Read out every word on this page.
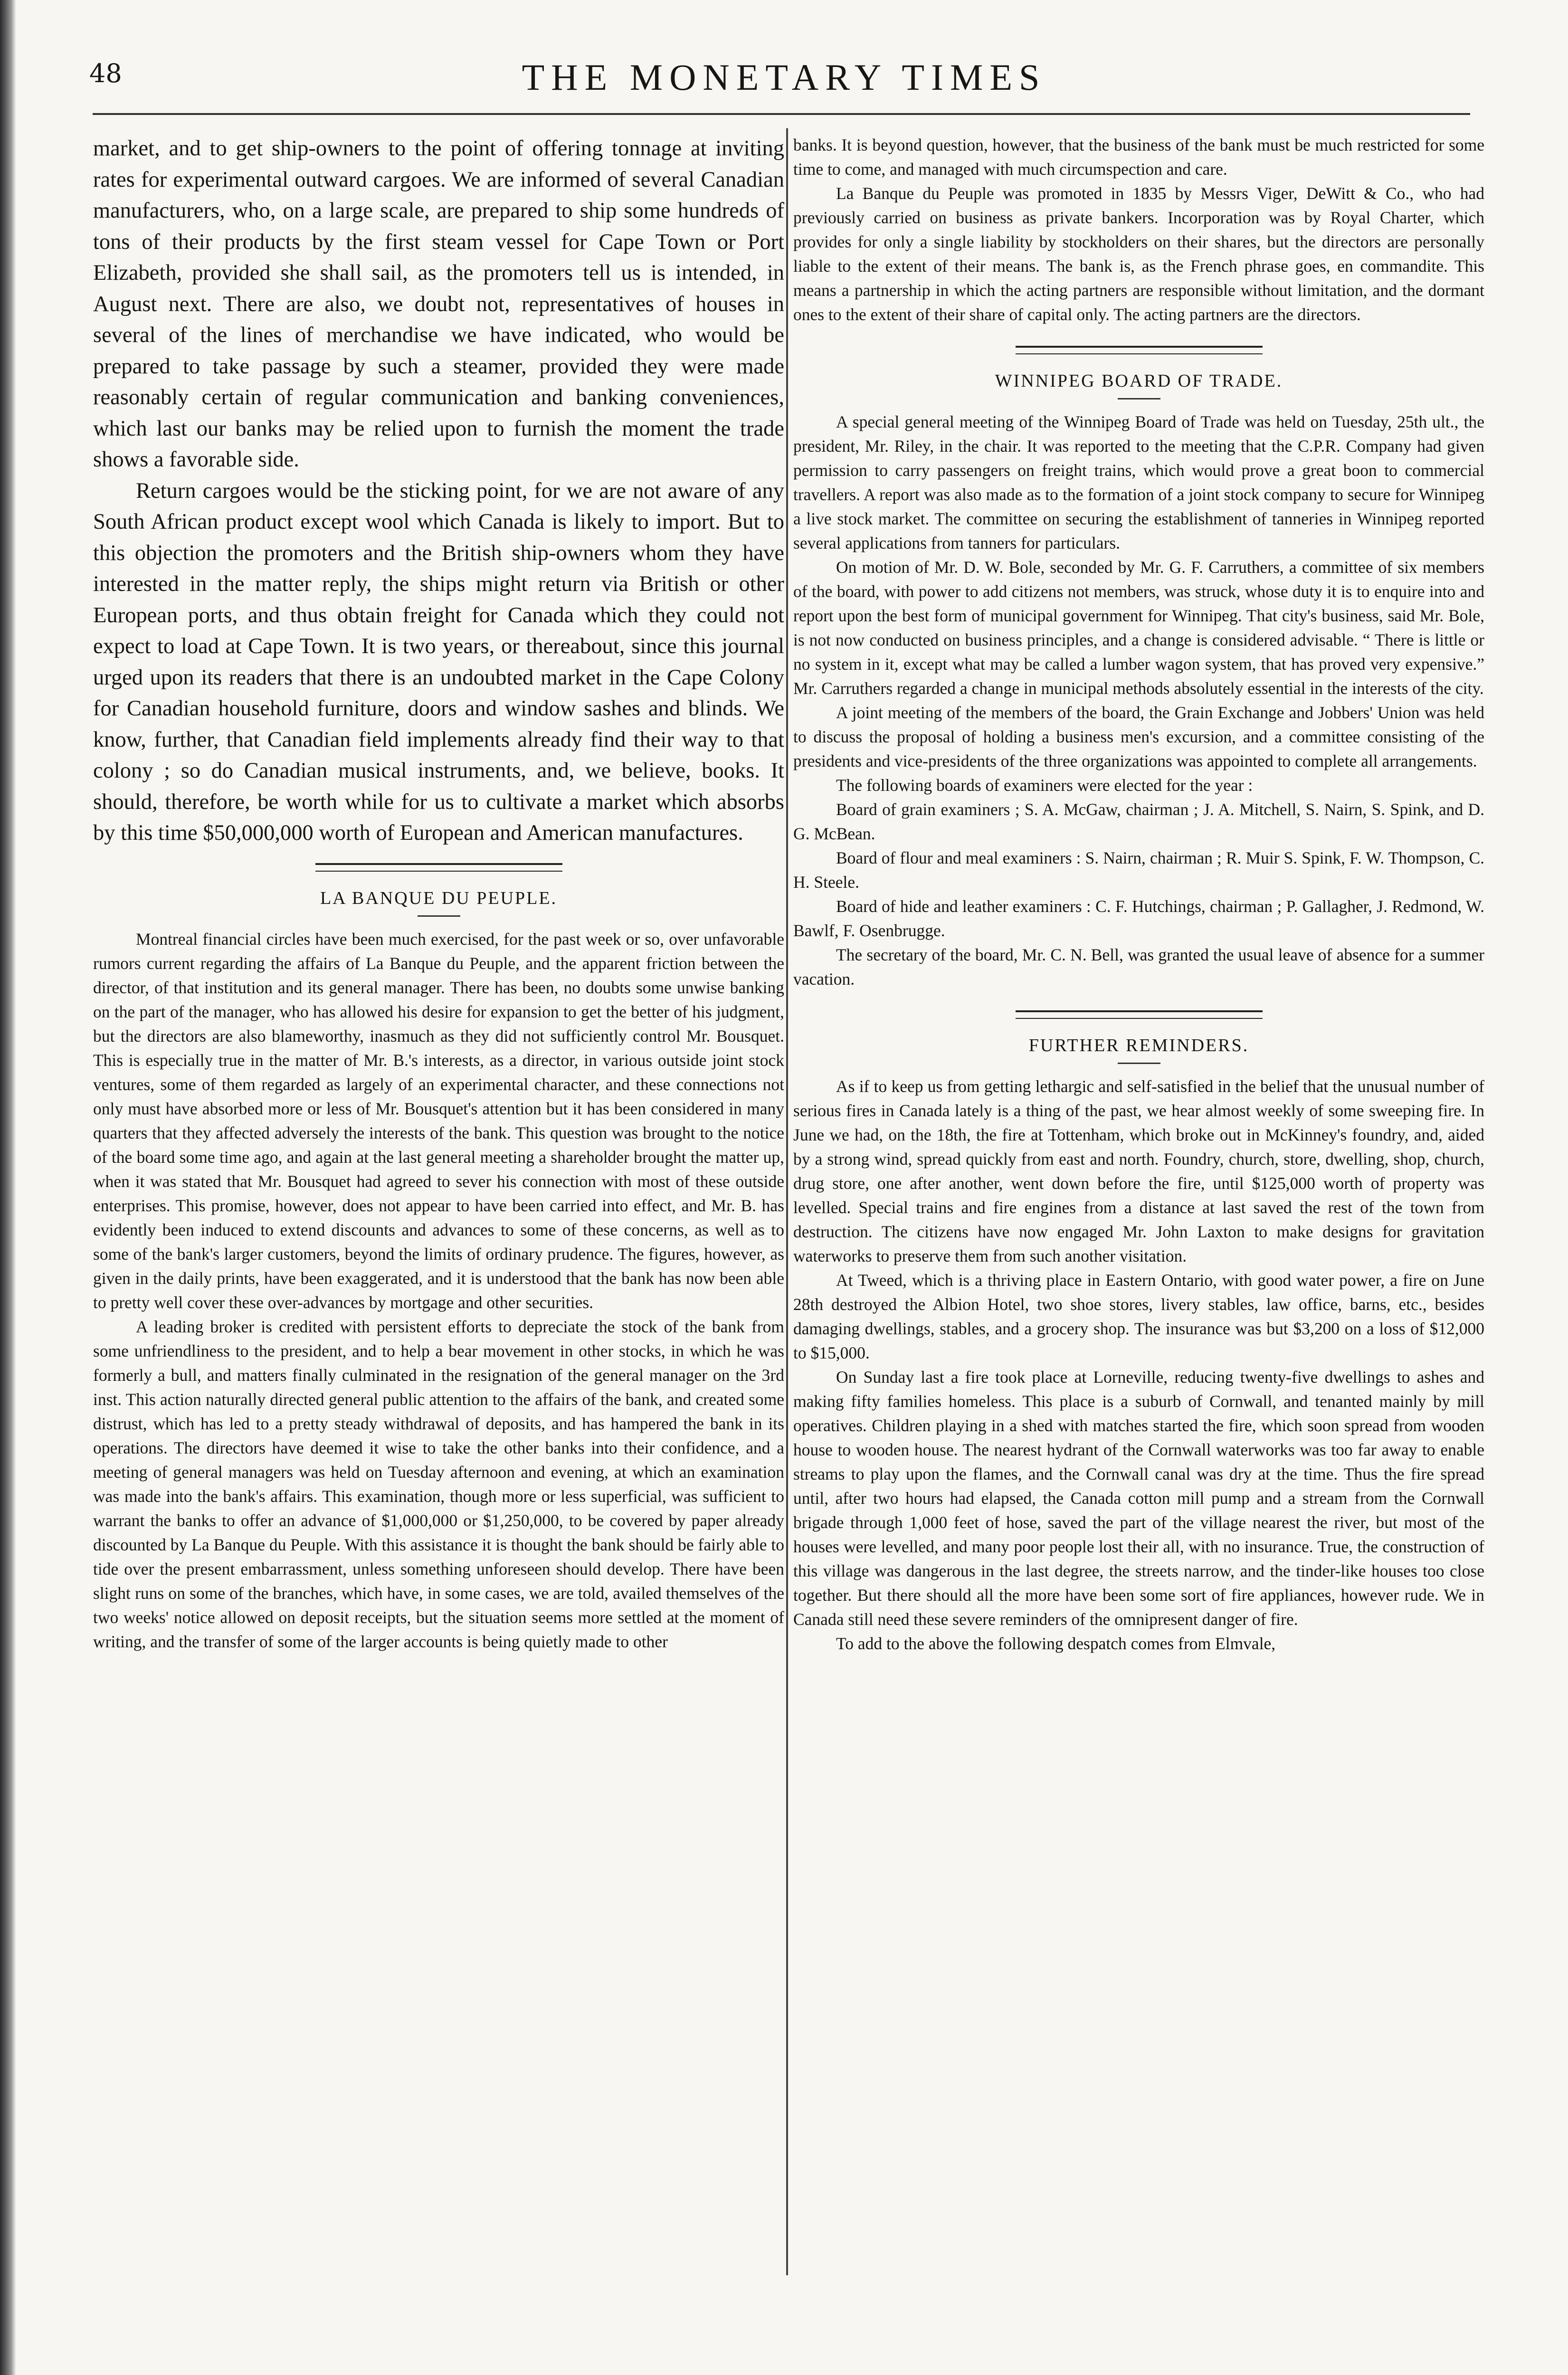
48	THE MONETARY TIMES

market, and to get ship-owners to the point of offering tonnage at inviting rates for experimental outward cargoes. We are informed of several Canadian manufacturers, who, on a large scale, are prepared to ship some hundreds of tons of their products by the first steam vessel for Cape Town or Port Elizabeth, provided she shall sail, as the promoters tell us is intended, in August next. There are also, we doubt not, representatives of houses in several of the lines of merchandise we have indicated, who would be prepared to take passage by such a steamer, provided they were made reasonably certain of regular communication and banking conveniences, which last our banks may be relied upon to furnish the moment the trade shows a favorable side.

Return cargoes would be the sticking point, for we are not aware of any South African product except wool which Canada is likely to import. But to this objection the promoters and the British ship-owners whom they have interested in the matter reply, the ships might return via British or other European ports, and thus obtain freight for Canada which they could not expect to load at Cape Town. It is two years, or thereabout, since this journal urged upon its readers that there is an undoubted market in the Cape Colony for Canadian household furniture, doors and window sashes and blinds. We know, further, that Canadian field implements already find their way to that colony ; so do Canadian musical instruments, and, we believe, books. It should, therefore, be worth while for us to cultivate a market which absorbs by this time $50,000,000 worth of European and American manufactures.

LA BANQUE DU PEUPLE.

Montreal financial circles have been much exercised, for the past week or so, over unfavorable rumors current regarding the affairs of La Banque du Peuple, and the apparent friction between the director, of that institution and its general manager. There has been, no doubts some unwise banking on the part of the manager, who has allowed his desire for expansion to get the better of his judgment, but the directors are also blameworthy, inasmuch as they did not sufficiently control Mr. Bousquet. This is especially true in the matter of Mr. B.'s interests, as a director, in various outside joint stock ventures, some of them regarded as largely of an experimental character, and these connections not only must have absorbed more or less of Mr. Bousquet's attention but it has been considered in many quarters that they affected adversely the interests of the bank. This question was brought to the notice of the board some time ago, and again at the last general meeting a shareholder brought the matter up, when it was stated that Mr. Bousquet had agreed to sever his connection with most of these outside enterprises. This promise, however, does not appear to have been carried into effect, and Mr. B. has evidently been induced to extend discounts and advances to some of these concerns, as well as to some of the bank's larger customers, beyond the limits of ordinary prudence. The figures, however, as given in the daily prints, have been exaggerated, and it is understood that the bank has now been able to pretty well cover these over-advances by mortgage and other securities.

A leading broker is credited with persistent efforts to depreciate the stock of the bank from some unfriendliness to the president, and to help a bear movement in other stocks, in which he was formerly a bull, and matters finally culminated in the resignation of the general manager on the 3rd inst. This action naturally directed general public attention to the affairs of the bank, and created some distrust, which has led to a pretty steady withdrawal of deposits, and has hampered the bank in its operations. The directors have deemed it wise to take the other banks into their confidence, and a meeting of general managers was held on Tuesday afternoon and evening, at which an examination was made into the bank's affairs. This examination, though more or less superficial, was sufficient to warrant the banks to offer an advance of $1,000,000 or $1,250,000, to be covered by paper already discounted by La Banque du Peuple. With this assistance it is thought the bank should be fairly able to tide over the present embarrassment, unless something unforeseen should develop. There have been slight runs on some of the branches, which have, in some cases, we are told, availed themselves of the two weeks' notice allowed on deposit receipts, but the situation seems more settled at the moment of writing, and the transfer of some of the larger accounts is being quietly made to other

banks. It is beyond question, however, that the business of the bank must be much restricted for some time to come, and managed with much circumspection and care.

La Banque du Peuple was promoted in 1835 by Messrs Viger, DeWitt & Co., who had previously carried on business as private bankers. Incorporation was by Royal Charter, which provides for only a single liability by stockholders on their shares, but the directors are personally liable to the extent of their means. The bank is, as the French phrase goes, en commandite. This means a partnership in which the acting partners are responsible without limitation, and the dormant ones to the extent of their share of capital only. The acting partners are the directors.

WINNIPEG BOARD OF TRADE.

A special general meeting of the Winnipeg Board of Trade was held on Tuesday, 25th ult., the president, Mr. Riley, in the chair. It was reported to the meeting that the C.P.R. Company had given permission to carry passengers on freight trains, which would prove a great boon to commercial travellers. A report was also made as to the formation of a joint stock company to secure for Winnipeg a live stock market. The committee on securing the establishment of tanneries in Winnipeg reported several applications from tanners for particulars.

On motion of Mr. D. W. Bole, seconded by Mr. G. F. Carruthers, a committee of six members of the board, with power to add citizens not members, was struck, whose duty it is to enquire into and report upon the best form of municipal government for Winnipeg. That city's business, said Mr. Bole, is not now conducted on business principles, and a change is considered advisable. “ There is little or no system in it, except what may be called a lumber wagon system, that has proved very expensive.” Mr. Carruthers regarded a change in municipal methods absolutely essential in the interests of the city.

A joint meeting of the members of the board, the Grain Exchange and Jobbers' Union was held to discuss the proposal of holding a business men's excursion, and a committee consisting of the presidents and vice-presidents of the three organizations was appointed to complete all arrangements.

The following boards of examiners were elected for the year :

Board of grain examiners ; S. A. McGaw, chairman ; J. A. Mitchell, S. Nairn, S. Spink, and D. G. McBean.

Board of flour and meal examiners : S. Nairn, chairman ; R. Muir S. Spink, F. W. Thompson, C. H. Steele.

Board of hide and leather examiners : C. F. Hutchings, chairman ; P. Gallagher, J. Redmond, W. Bawlf, F. Osenbrugge.

The secretary of the board, Mr. C. N. Bell, was granted the usual leave of absence for a summer vacation.

FURTHER REMINDERS.

As if to keep us from getting lethargic and self-satisfied in the belief that the unusual number of serious fires in Canada lately is a thing of the past, we hear almost weekly of some sweeping fire. In June we had, on the 18th, the fire at Tottenham, which broke out in McKinney's foundry, and, aided by a strong wind, spread quickly from east and north. Foundry, church, store, dwelling, shop, church, drug store, one after another, went down before the fire, until $125,000 worth of property was levelled. Special trains and fire engines from a distance at last saved the rest of the town from destruction. The citizens have now engaged Mr. John Laxton to make designs for gravitation waterworks to preserve them from such another visitation.

At Tweed, which is a thriving place in Eastern Ontario, with good water power, a fire on June 28th destroyed the Albion Hotel, two shoe stores, livery stables, law office, barns, etc., besides damaging dwellings, stables, and a grocery shop. The insurance was but $3,200 on a loss of $12,000 to $15,000.

On Sunday last a fire took place at Lorneville, reducing twenty-five dwellings to ashes and making fifty families homeless. This place is a suburb of Cornwall, and tenanted mainly by mill operatives. Children playing in a shed with matches started the fire, which soon spread from wooden house to wooden house. The nearest hydrant of the Cornwall waterworks was too far away to enable streams to play upon the flames, and the Cornwall canal was dry at the time. Thus the fire spread until, after two hours had elapsed, the Canada cotton mill pump and a stream from the Cornwall brigade through 1,000 feet of hose, saved the part of the village nearest the river, but most of the houses were levelled, and many poor people lost their all, with no insurance. True, the construction of this village was dangerous in the last degree, the streets narrow, and the tinder-like houses too close together. But there should all the more have been some sort of fire appliances, however rude. We in Canada still need these severe reminders of the omnipresent danger of fire.

To add to the above the following despatch comes from Elmvale,
